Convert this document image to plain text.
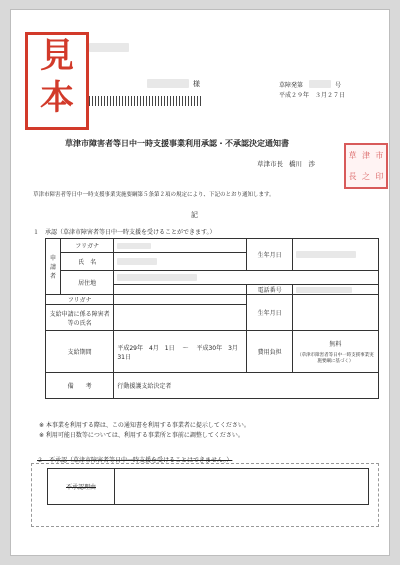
見
本	様	草障発第	号
平成２９年　３月２７日
草津市障害者等日中一時支援事業利用承認・不承認決定通知書
草津市長 橋川　渉
草 津 市
長 之 印
草津市障害者等日中一時支援事業実施要綱第５条第２項の規定により、下記のとおり通知します。
記
１　承認（草津市障害者等日中一時支援を受けることができます。）
申請者	フリガナ		生年月日	

	氏　名			

	居住地			

			電話番号	

フリガナ			生年月日	
支給申請に係る障害者等の氏名				
支給期間		平成29年　4月　1日 ～ 平成30年　3月31日	費用負担	無料
（草津市障害者等日中一時支援事業実施要綱に基づく）

備　　考		行動援護支給決定者		
※ 本事業を利用する際は、この通知書を利用する事業者に提示してください。
※ 利用可能日数等については、利用する事業所と事前に調整してください。
２　不承認（草津市障害者等日中一時支援を受けることはできません。）
不承認理由	
